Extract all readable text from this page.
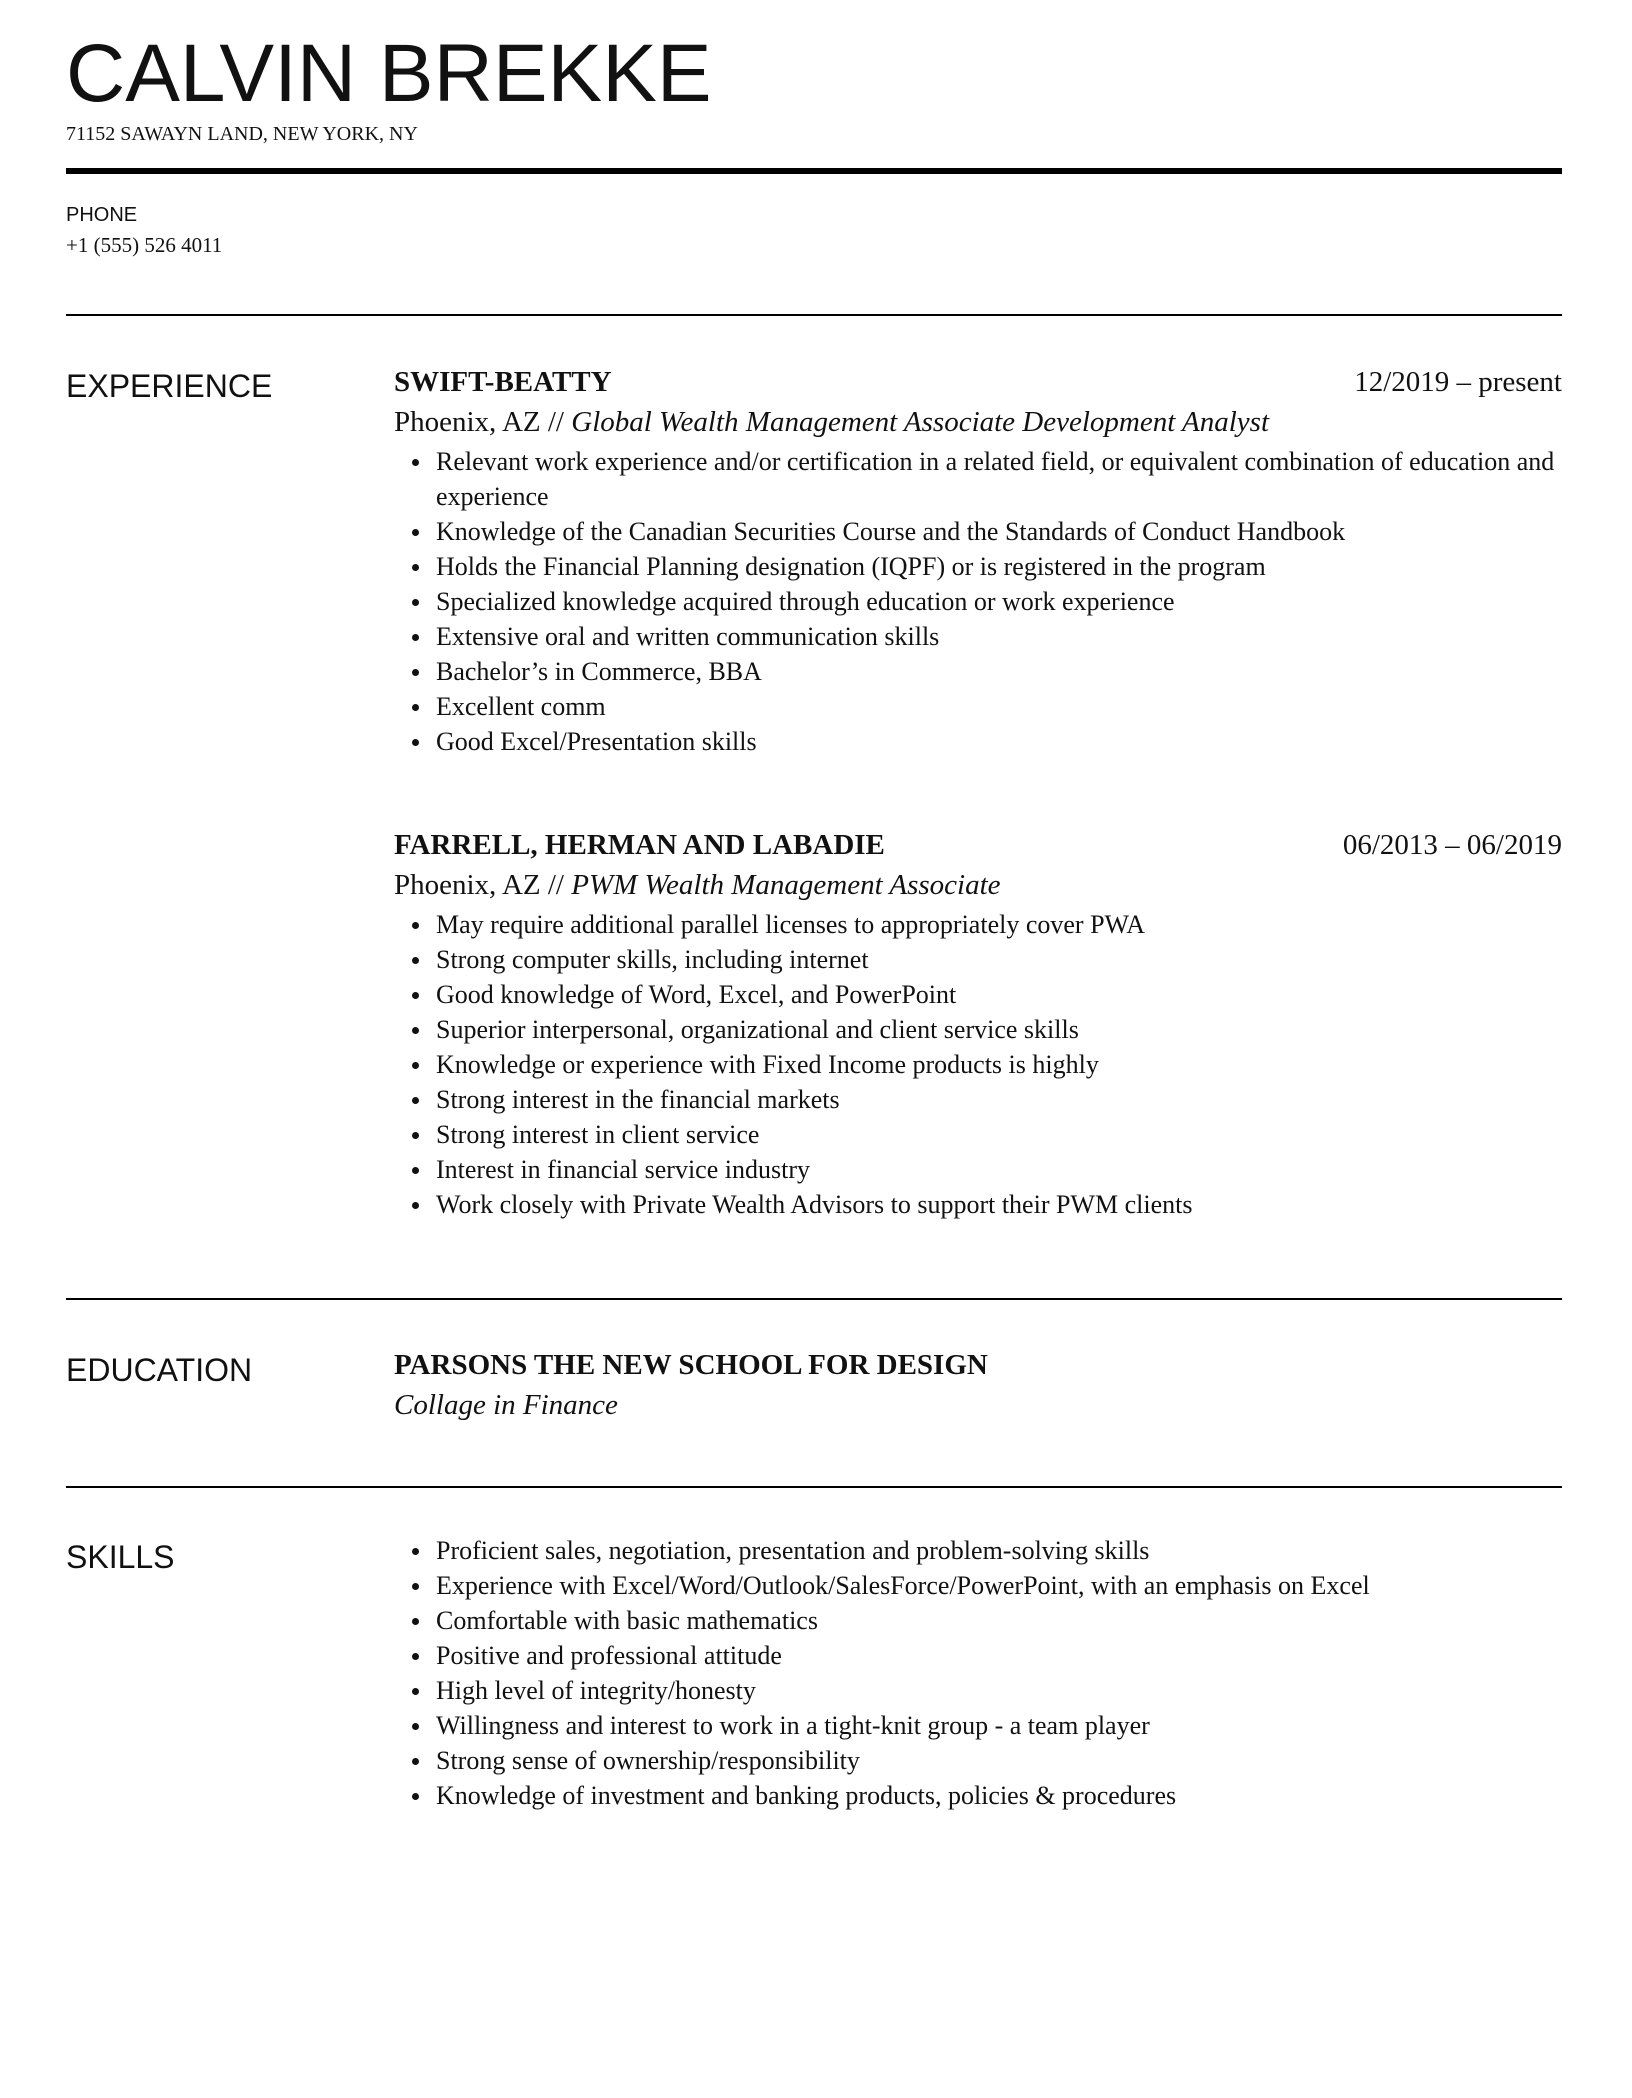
CALVIN BREKKE
71152 SAWAYN LAND, NEW YORK, NY
PHONE
+1 (555) 526 4011
EXPERIENCE	SWIFT-BEATTY	12/2019 – present
Phoenix, AZ // Global Wealth Management Associate Development Analyst
Relevant work experience and/or certification in a related field, or equivalent combination of education and experience
Knowledge of the Canadian Securities Course and the Standards of Conduct Handbook
Holds the Financial Planning designation (IQPF) or is registered in the program
Specialized knowledge acquired through education or work experience
Extensive oral and written communication skills
Bachelor’s in Commerce, BBA
Excellent comm
Good Excel/Presentation skills
FARRELL, HERMAN AND LABADIE	06/2013 – 06/2019
Phoenix, AZ // PWM Wealth Management Associate
May require additional parallel licenses to appropriately cover PWA
Strong computer skills, including internet
Good knowledge of Word, Excel, and PowerPoint
Superior interpersonal, organizational and client service skills
Knowledge or experience with Fixed Income products is highly
Strong interest in the financial markets
Strong interest in client service
Interest in financial service industry
Work closely with Private Wealth Advisors to support their PWM clients
EDUCATION	PARSONS THE NEW SCHOOL FOR DESIGN
Collage in Finance
SKILLS	Proficient sales, negotiation, presentation and problem-solving skills
Experience with Excel/Word/Outlook/SalesForce/PowerPoint, with an emphasis on Excel
Comfortable with basic mathematics
Positive and professional attitude
High level of integrity/honesty
Willingness and interest to work in a tight-knit group - a team player
Strong sense of ownership/responsibility
Knowledge of investment and banking products, policies & procedures
